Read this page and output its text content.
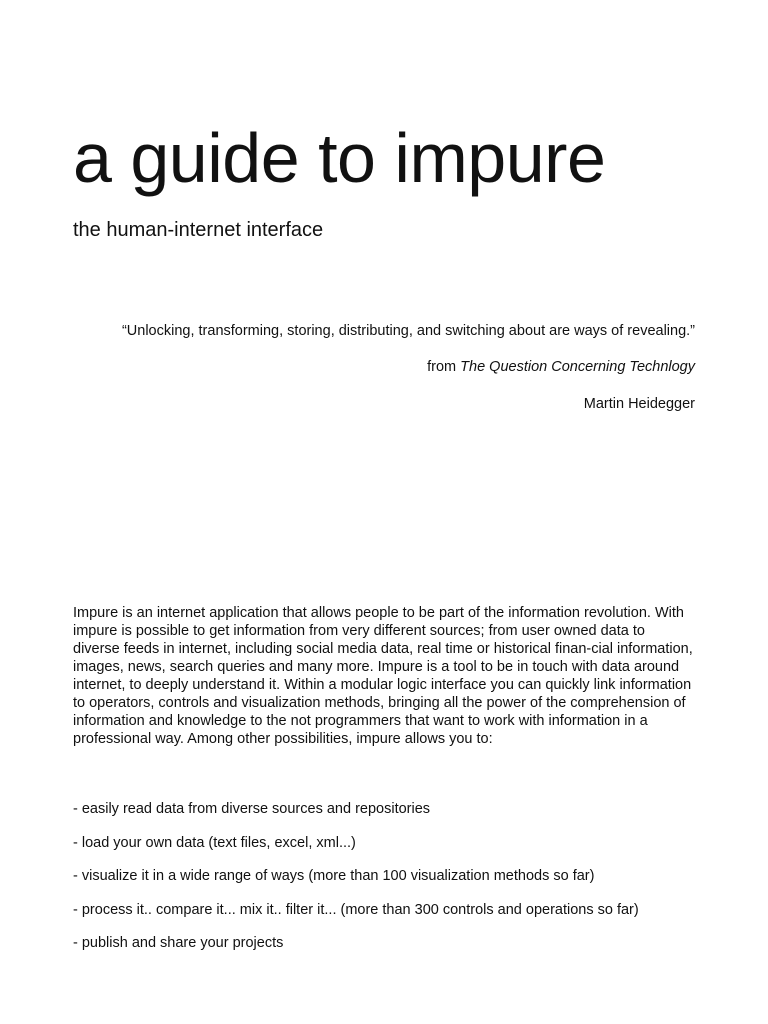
a guide to impure
the human-internet interface

“Unlocking, transforming, storing, distributing, and switching about are ways of revealing.”

from The Question Concerning Technlogy

Martin Heidegger

Impure is an internet application that allows people to be part of the information revolution. With impure is possible to get information from very different sources; from user owned data to diverse feeds in internet, including social media data, real time or historical finan-cial information, images, news, search queries and many more. Impure is a tool to be in touch with data around internet, to deeply understand it. Within a modular logic interface you can quickly link information to operators, controls and visualization methods, bringing all the power of the comprehension of information and knowledge to the not programmers that want to work with information in a professional way. Among other possibilities, impure allows you to:

- easily read data from diverse sources and repositories
- load your own data (text files, excel, xml...)
- visualize it in a wide range of ways (more than 100 visualization methods so far)
- process it.. compare it... mix it.. filter it... (more than 300 controls and operations so far)
- publish and share your projects
